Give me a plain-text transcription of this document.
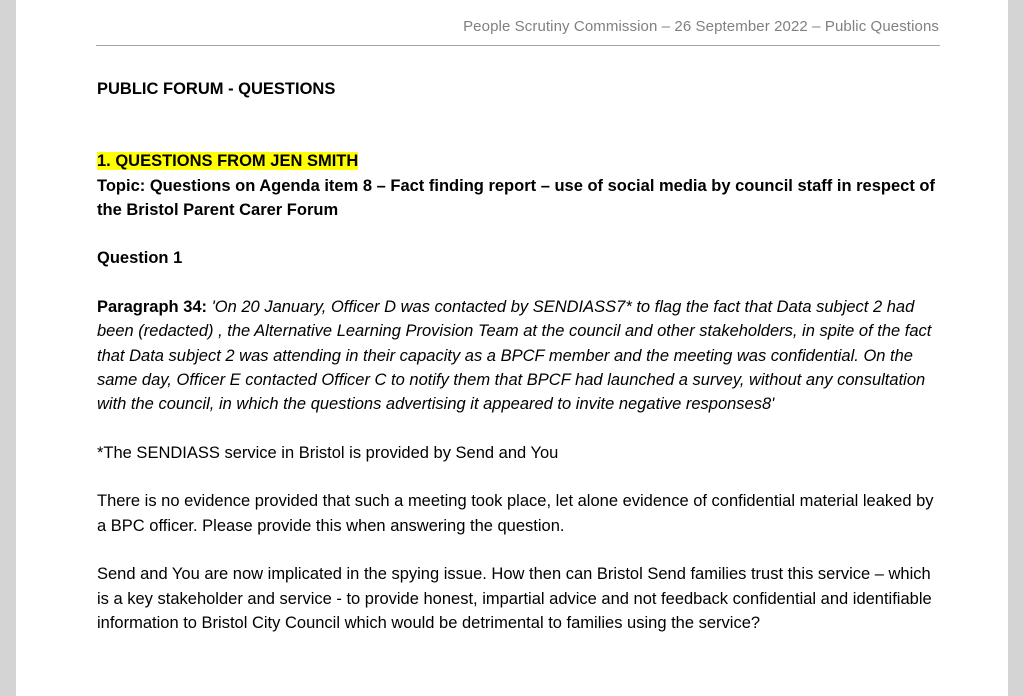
People Scrutiny Commission – 26 September 2022 – Public Questions

PUBLIC FORUM - QUESTIONS

1. QUESTIONS FROM JEN SMITH

Topic: Questions on Agenda item 8 – Fact finding report – use of social media by council staff in respect of the Bristol Parent Carer Forum

Question 1

Paragraph 34: 'On 20 January, Officer D was contacted by SENDIASS7* to flag the fact that Data subject 2 had been (redacted) , the Alternative Learning Provision Team at the council and other stakeholders, in spite of the fact that Data subject 2 was attending in their capacity as a BPCF member and the meeting was confidential. On the same day, Officer E contacted Officer C to notify them that BPCF had launched a survey, without any consultation with the council, in which the questions advertising it appeared to invite negative responses8'

*The SENDIASS service in Bristol is provided by Send and You

There is no evidence provided that such a meeting took place, let alone evidence of confidential material leaked by a BPC officer. Please provide this when answering the question.

Send and You are now implicated in the spying issue. How then can Bristol Send families trust this service – which is a key stakeholder and service - to provide honest, impartial advice and not feedback confidential and identifiable information to Bristol City Council which would be detrimental to families using the service?
